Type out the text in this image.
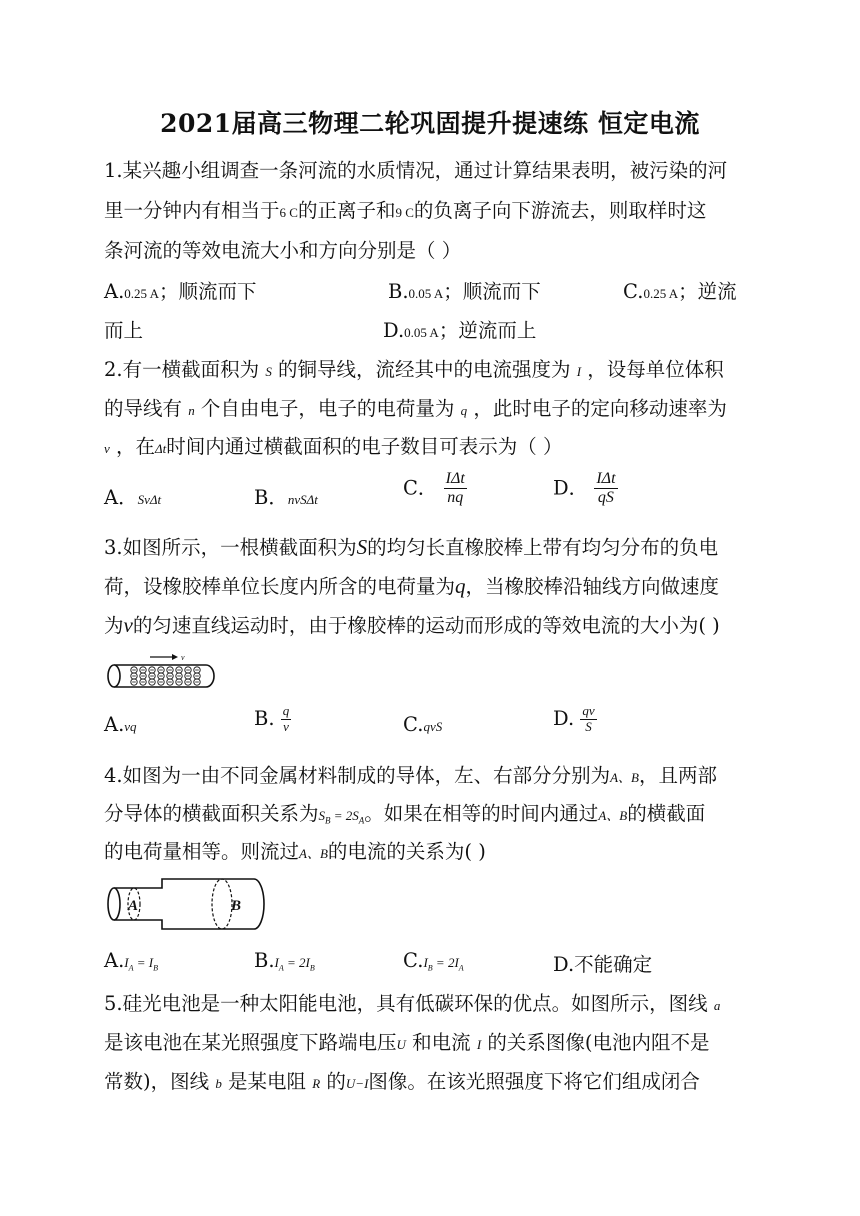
2021届高三物理二轮巩固提升提速练 恒定电流
1.某兴趣小组调查一条河流的水质情况，通过计算结果表明，被污染的河
里一分钟内有相当于6 C的正离子和9 C的负离子向下游流去，则取样时这
条河流的等效电流大小和方向分别是（ ）
A.0.25 A；顺流而下	B.0.05 A；顺流而下	C.0.25 A；逆流
而上	D.0.05 A；逆流而上
2.有一横截面积为 S 的铜导线，流经其中的电流强度为 I ，设每单位体积
的导线有 n 个自由电子，电子的电荷量为 q ，此时电子的定向移动速率为
v ，在Δt时间内通过横截面积的电子数目可表示为（ ）
A．SvΔt	B．nvSΔt
C． $\frac{\text{IΔt}}{nq}$	D． $\frac{\text{IΔt}}{qS}$
3.如图所示，一根横截面积为S的均匀长直橡胶棒上带有均匀分布的负电
荷，设橡胶棒单位长度内所含的电荷量为q，当橡胶棒沿轴线方向做速度
为v的匀速直线运动时，由于橡胶棒的运动而形成的等效电流的大小为( )
v
A.vq	B. $\frac{q}{v}$	C.qvS	D. $\frac{qv}{S}$
4.如图为一由不同金属材料制成的导体，左、右部分分别为A、B，且两部
分导体的横截面积关系为$S_B = 2S_A$。如果在相等的时间内通过A、B的横截面
的电荷量相等。则流过A、B的电流的关系为( )
A	B
$A.I_A = I_B$	$B.I_A = 2I_B$	$C.I_B = 2I_A$	D.不能确定
5.硅光电池是一种太阳能电池，具有低碳环保的优点。如图所示，图线 a
是该电池在某光照强度下路端电压U 和电流 I 的关系图像(电池内阻不是
常数)，图线 b 是某电阻 R 的U−I图像。在该光照强度下将它们组成闭合
